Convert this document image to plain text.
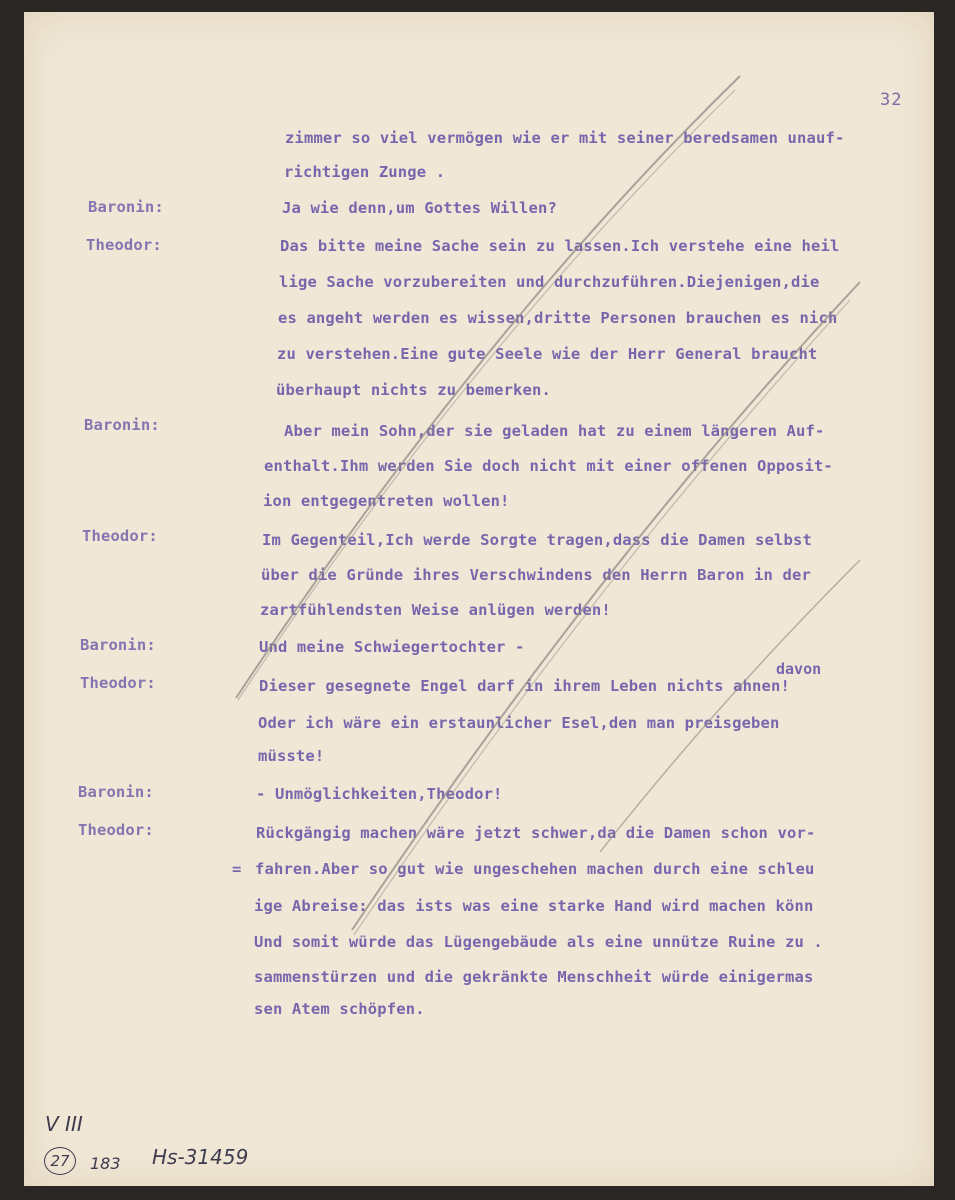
32
Baronin:
Theodor:
Baronin:
Theodor:
Baronin:
Theodor:
Baronin:
Theodor:
zimmer so viel vermögen wie er mit seiner beredsamen unauf-
richtigen Zunge .
Ja wie denn,um Gottes Willen?
Das bitte meine Sache sein zu lassen.Ich verstehe eine heil
lige Sache vorzubereiten und durchzuführen.Diejenigen,die
es angeht werden es wissen,dritte Personen brauchen es nich
zu verstehen.Eine gute Seele wie der Herr General braucht
überhaupt nichts zu bemerken.
Aber mein Sohn,der sie geladen hat zu einem längeren Auf-
enthalt.Ihm werden Sie doch nicht mit einer offenen Opposit-
ion entgegentreten wollen!
Im Gegenteil,Ich werde Sorgte tragen,dass die Damen selbst
über die Gründe ihres Verschwindens den Herrn Baron in der
zartfühlendsten Weise anlügen werden!
Und meine Schwiegertochter -
davon
Dieser gesegnete Engel darf in ihrem Leben nichts ahnen!
Oder ich wäre ein erstaunlicher Esel,den man preisgeben
müsste!
- Unmöglichkeiten,Theodor!
Rückgängig machen wäre jetzt schwer,da die Damen schon vor-
= fahren.Aber so gut wie ungeschehen machen durch eine schleu
ige Abreise: das ists was eine starke Hand wird machen könn
Und somit würde das Lügengebäude als eine unnütze Ruine zu .
sammenstürzen und die gekränkte Menschheit würde einigermas
sen Atem schöpfen.
V III
27	183 Hs-31459
